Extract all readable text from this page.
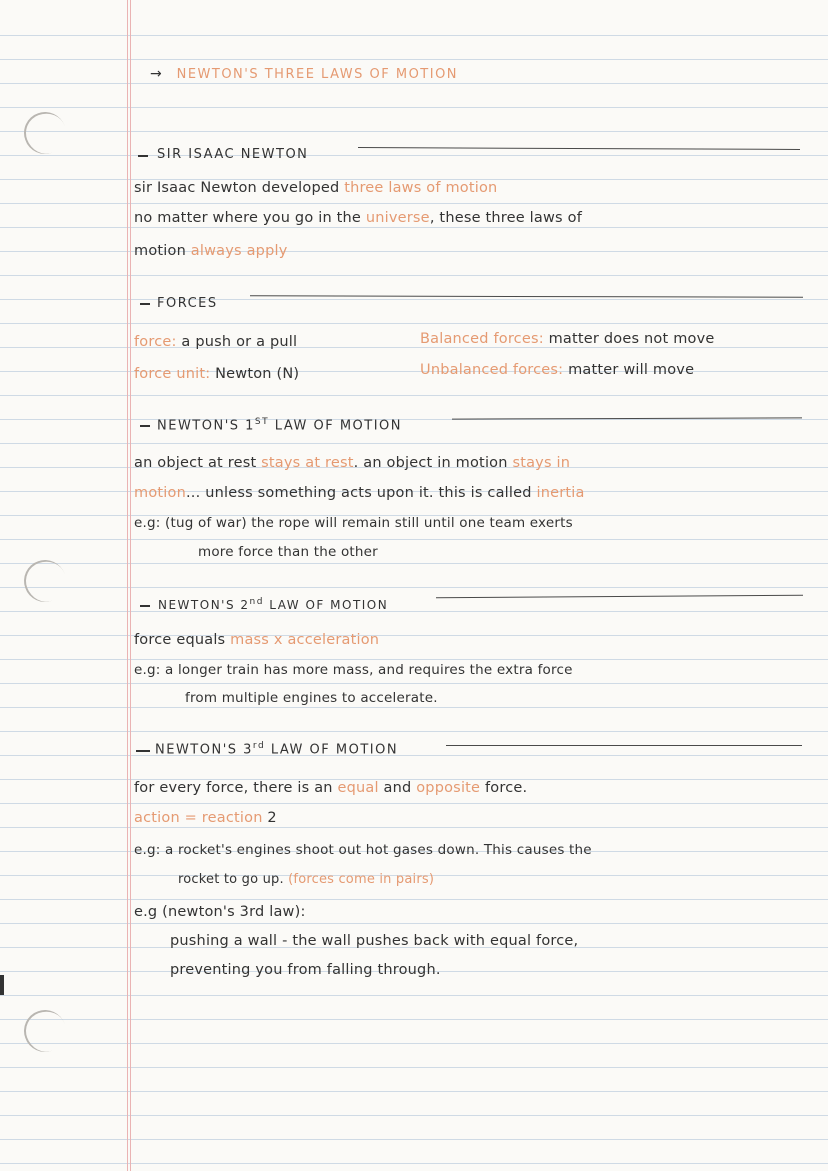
→ NEWTON'S THREE LAWS OF MOTION
SIR ISAAC NEWTON
sir Isaac Newton developed three laws of motion
no matter where you go in the universe, these three laws of
motion always apply
FORCES
force: a push or a pull
force unit: Newton (N)
Balanced forces: matter does not move
Unbalanced forces: matter will move
NEWTON'S 1ST LAW OF MOTION
an object at rest stays at rest. an object in motion stays in
motion... unless something acts upon it. this is called inertia
e.g: (tug of war) the rope will remain still until one team exerts
more force than the other
NEWTON'S 2nd LAW OF MOTION
force equals mass x acceleration
e.g: a longer train has more mass, and requires the extra force
from multiple engines to accelerate.
NEWTON'S 3rd LAW OF MOTION
for every force, there is an equal and opposite force.
action = reaction 2
e.g: a rocket's engines shoot out hot gases down. This causes the
rocket to go up. (forces come in pairs)
e.g (newton's 3rd law):
pushing a wall - the wall pushes back with equal force,
preventing you from falling through.
